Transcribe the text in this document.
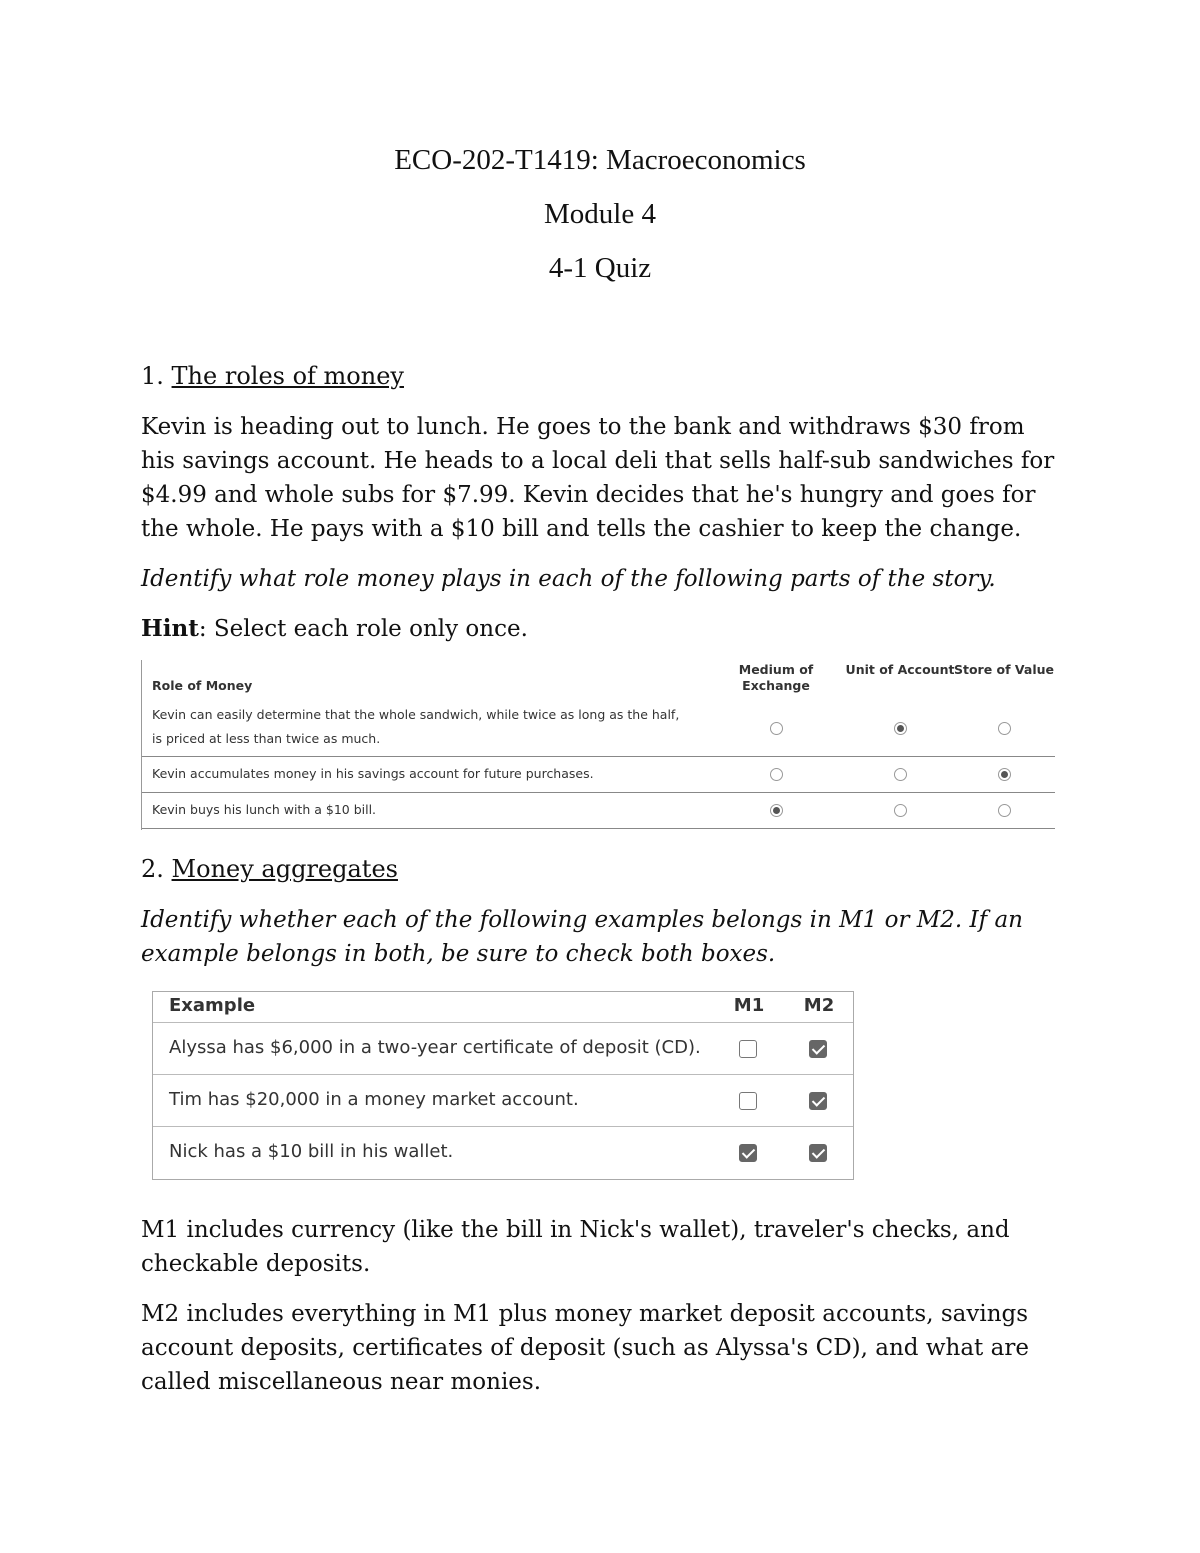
ECO-202-T1419: Macroeconomics
Module 4
4-1 Quiz
1. The roles of money
Kevin is heading out to lunch. He goes to the bank and withdraws $30 from his savings account. He heads to a local deli that sells half-sub sandwiches for $4.99 and whole subs for $7.99. Kevin decides that he's hungry and goes for the whole. He pays with a $10 bill and tells the cashier to keep the change.
Identify what role money plays in each of the following parts of the story.
Hint: Select each role only once.
Role of Money
Medium of Exchange
Unit of Account Store of Value
Kevin can easily determine that the whole sandwich, while twice as long as the half, is priced at less than twice as much.
Kevin accumulates money in his savings account for future purchases.
Kevin buys his lunch with a $10 bill.
2. Money aggregates
Identify whether each of the following examples belongs in M1 or M2. If an example belongs in both, be sure to check both boxes.
Example	M1 M2
Alyssa has $6,000 in a two-year certificate of deposit (CD).
Tim has $20,000 in a money market account.
Nick has a $10 bill in his wallet.
M1 includes currency (like the bill in Nick's wallet), traveler's checks, and checkable deposits.
M2 includes everything in M1 plus money market deposit accounts, savings account deposits, certificates of deposit (such as Alyssa's CD), and what are called miscellaneous near monies.
